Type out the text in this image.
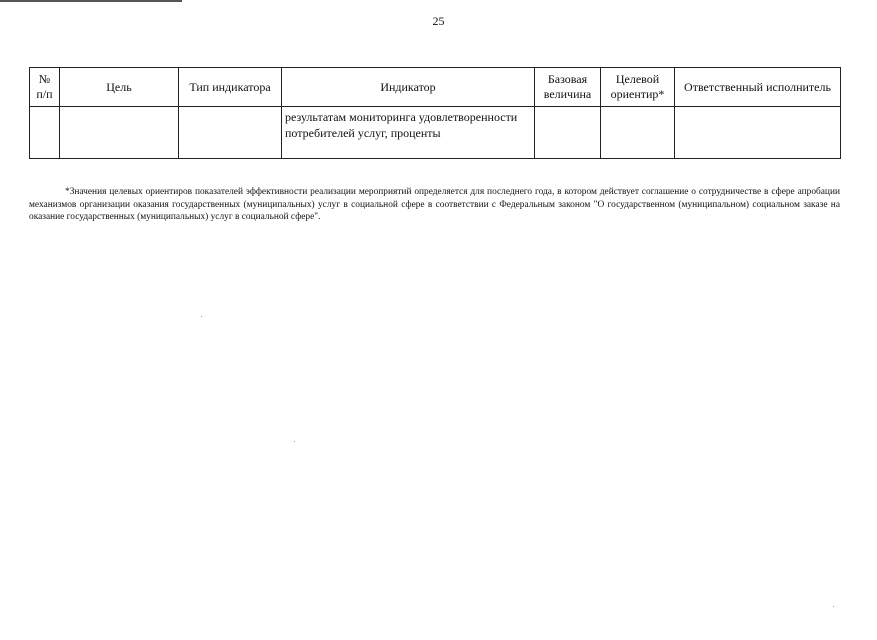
25
№ п/п	Цель	Тип индикатора	Индикатор	Базовая величина	Целевой ориентир*	Ответственный исполнитель
			результатам мониторинга удовлетворенности потребителей услуг, проценты			
*Значения целевых ориентиров показателей эффективности реализации мероприятий определяется для последнего года, в котором действует соглашение о сотрудничестве в сфере апробации механизмов организации оказания государственных (муниципальных) услуг в социальной сфере в соответствии с Федеральным законом "О государственном (муниципальном) социальном заказе на оказание государственных (муниципальных) услуг в социальной сфере".
